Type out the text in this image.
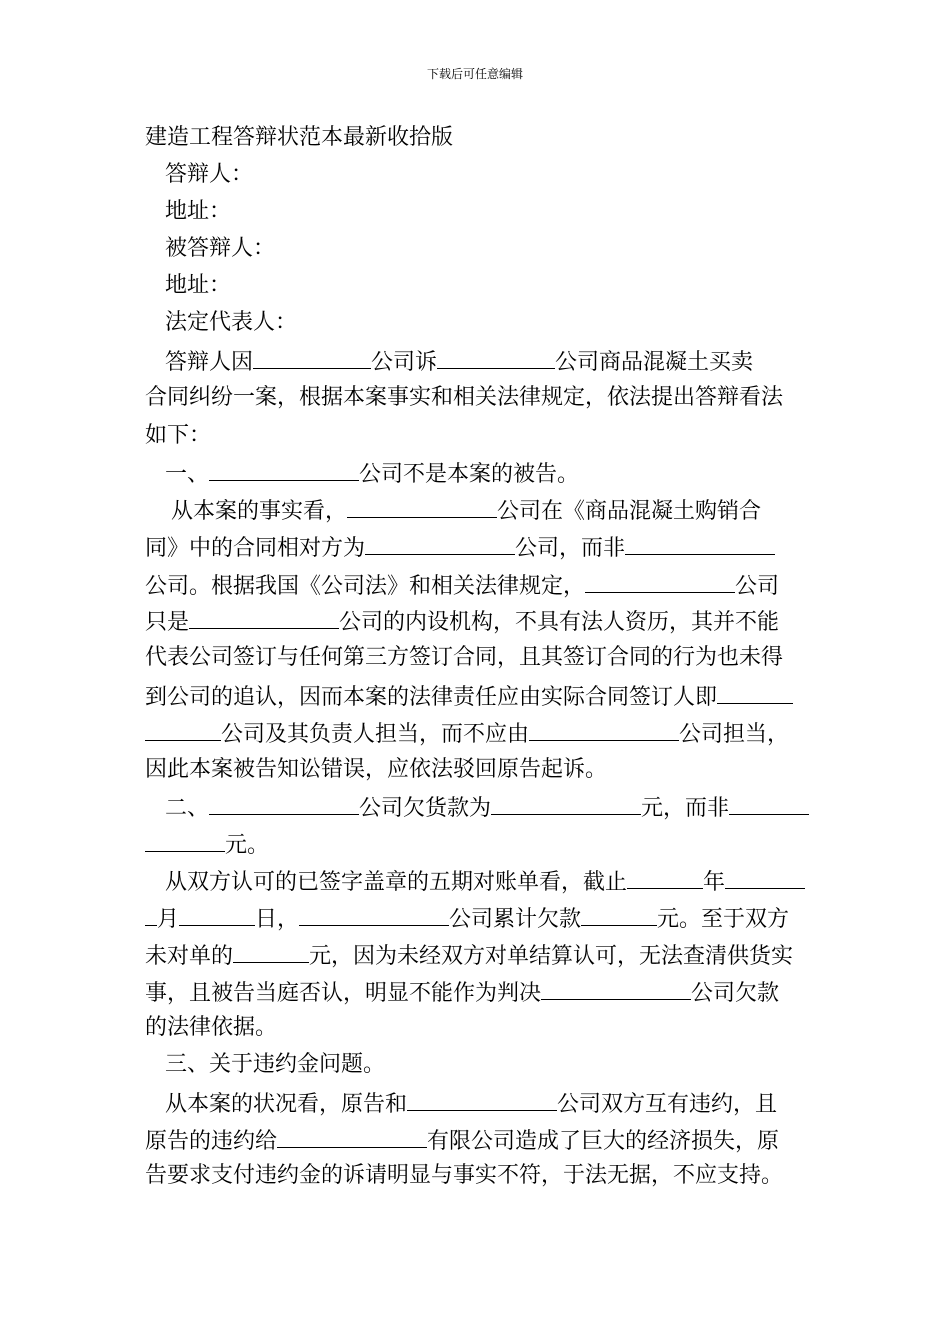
下载后可任意编辑
建造工程答辩状范本最新收拾版
答辩人：
地址：
被答辩人：
地址：
法定代表人：
答辩人因	公司诉	公司商品混凝土买卖
合同纠纷一案，根据本案事实和相关法律规定，依法提出答辩看法
如下：
一、	公司不是本案的被告。
从本案的事实看，	公司在《商品混凝土购销合
同》中的合同相对方为	公司，而非
公司。根据我国《公司法》和相关法律规定，	公司
只是	公司的内设机构，不具有法人资历，其并不能
代表公司签订与任何第三方签订合同，且其签订合同的行为也未得
到公司的追认，因而本案的法律责任应由实际合同签订人即
公司及其负责人担当，而不应由	公司担当，
因此本案被告知讼错误，应依法驳回原告起诉。
二、	公司欠货款为	元，而非
元。
从双方认可的已签字盖章的五期对账单看，截止	年
月	日，	公司累计欠款	元。至于双方
未对单的	元，因为未经双方对单结算认可，无法查清供货实
事，且被告当庭否认，明显不能作为判决	公司欠款
的法律依据。
三、关于违约金问题。
从本案的状况看，原告和	公司双方互有违约，且
原告的违约给	有限公司造成了巨大的经济损失，原
告要求支付违约金的诉请明显与事实不符，于法无据，不应支持。
